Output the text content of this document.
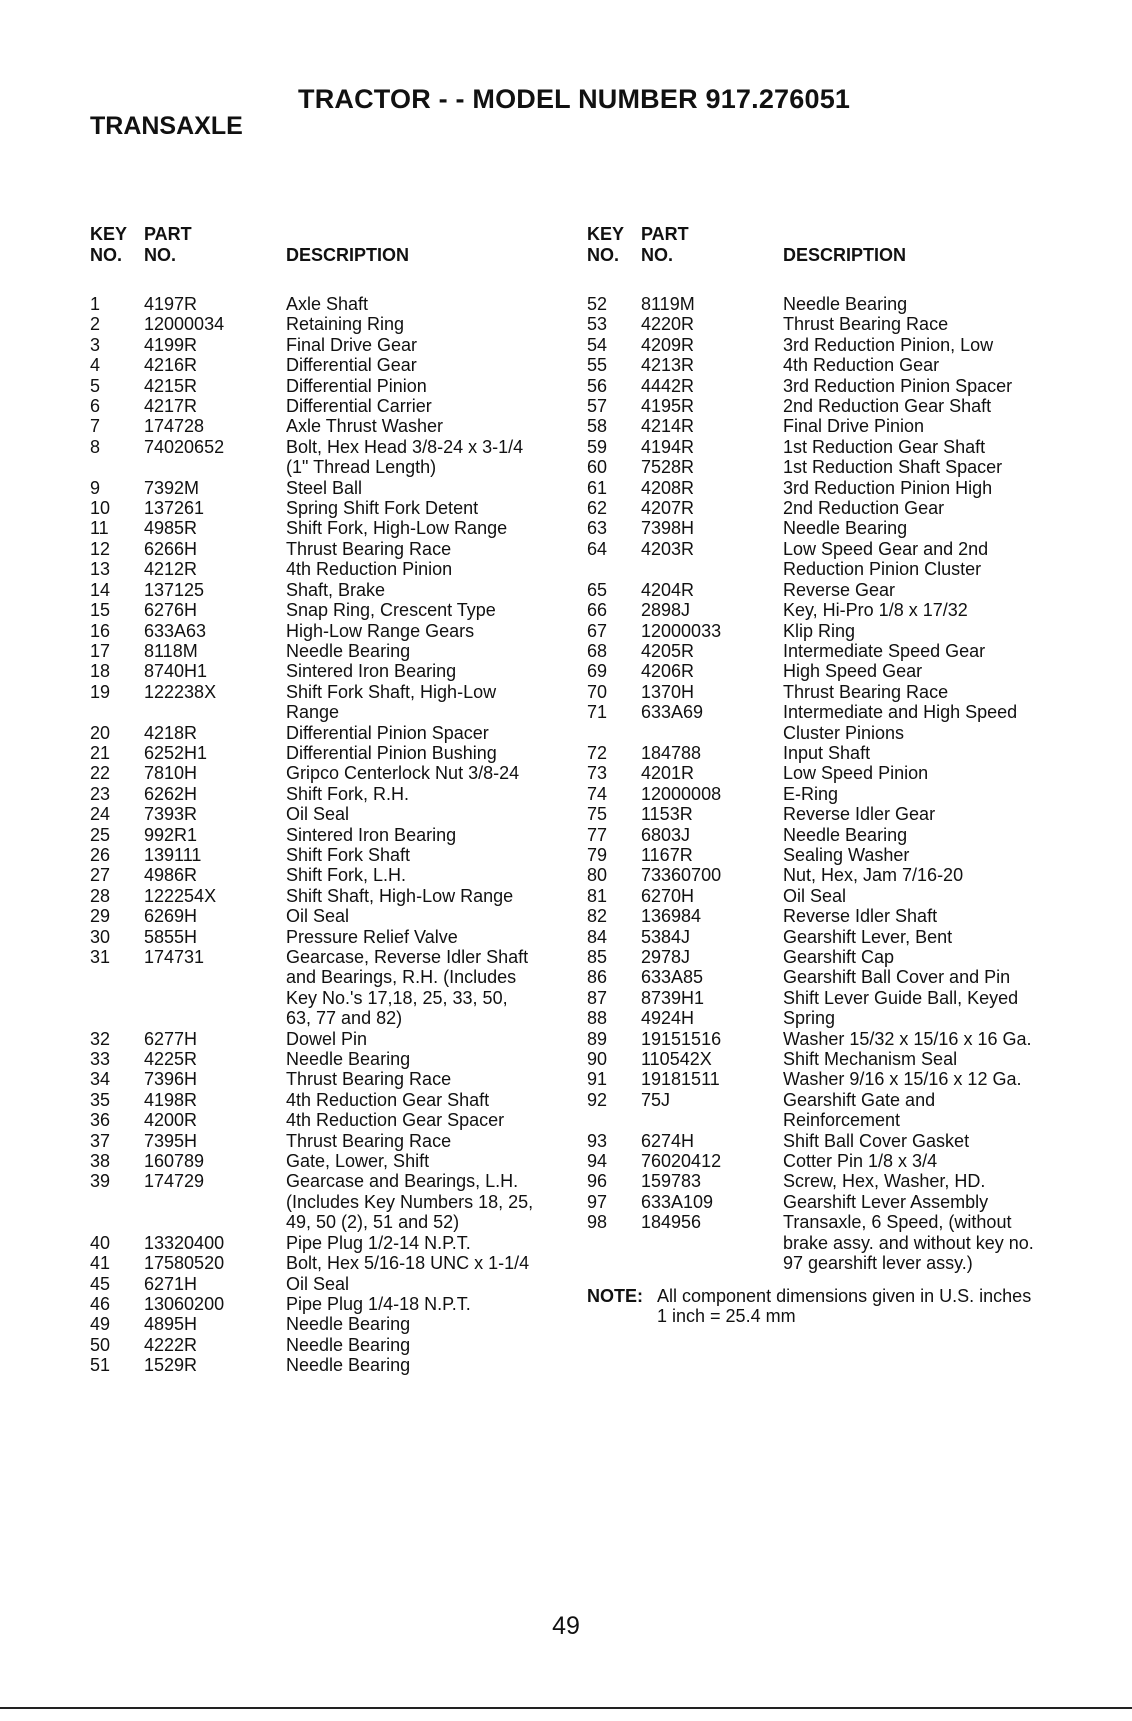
TRACTOR - - MODEL NUMBER 917.276051
TRANSAXLE
KEY
NO.
PART
NO.	DESCRIPTION
1 4197R	Axle Shaft
2 12000034	Retaining Ring
3 4199R	Final Drive Gear
4 4216R	Differential Gear
5 4215R	Differential Pinion
6 4217R	Differential Carrier
7 174728	Axle Thrust Washer
8 74020652	Bolt, Hex Head 3/8-24 x 3-1/4
(1" Thread Length)
9 7392M	Steel Ball
10 137261	Spring Shift Fork Detent
11 4985R	Shift Fork, High-Low Range
12 6266H	Thrust Bearing Race
13 4212R	4th Reduction Pinion
14 137125	Shaft, Brake
15 6276H	Snap Ring, Crescent Type
16 633A63	High-Low Range Gears
17 8118M	Needle Bearing
18 8740H1	Sintered Iron Bearing
19 122238X	Shift Fork Shaft, High-Low
Range
20 4218R	Differential Pinion Spacer
21 6252H1	Differential Pinion Bushing
22 7810H	Gripco Centerlock Nut 3/8-24
23 6262H	Shift Fork, R.H.
24 7393R	Oil Seal
25 992R1	Sintered Iron Bearing
26 139111	Shift Fork Shaft
27 4986R	Shift Fork, L.H.
28 122254X	Shift Shaft, High-Low Range
29 6269H	Oil Seal
30 5855H	Pressure Relief Valve
31 174731	Gearcase, Reverse Idler Shaft
and Bearings, R.H. (Includes
Key No.'s 17,18, 25, 33, 50,
63, 77 and 82)
32 6277H	Dowel Pin
33 4225R	Needle Bearing
34 7396H	Thrust Bearing Race
35 4198R	4th Reduction Gear Shaft
36 4200R	4th Reduction Gear Spacer
37 7395H	Thrust Bearing Race
38 160789	Gate, Lower, Shift
39 174729	Gearcase and Bearings, L.H.
(Includes Key Numbers 18, 25,
49, 50 (2), 51 and 52)
40 13320400	Pipe Plug 1/2-14 N.P.T.
41 17580520	Bolt, Hex 5/16-18 UNC x 1-1/4
45 6271H	Oil Seal
46 13060200	Pipe Plug 1/4-18 N.P.T.
49 4895H	Needle Bearing
50 4222R	Needle Bearing
51 1529R	Needle Bearing
KEY
NO.
PART
NO.	DESCRIPTION
52 8119M	Needle Bearing
53 4220R	Thrust Bearing Race
54 4209R	3rd Reduction Pinion, Low
55 4213R	4th Reduction Gear
56 4442R	3rd Reduction Pinion Spacer
57 4195R	2nd Reduction Gear Shaft
58 4214R	Final Drive Pinion
59 4194R	1st Reduction Gear Shaft
60 7528R	1st Reduction Shaft Spacer
61 4208R	3rd Reduction Pinion High
62 4207R	2nd Reduction Gear
63 7398H	Needle Bearing
64 4203R	Low Speed Gear and 2nd
Reduction Pinion Cluster
65 4204R	Reverse Gear
66 2898J	Key, Hi-Pro 1/8 x 17/32
67 12000033	Klip Ring
68 4205R	Intermediate Speed Gear
69 4206R	High Speed Gear
70 1370H	Thrust Bearing Race
71 633A69	Intermediate and High Speed
Cluster Pinions
72 184788	Input Shaft
73 4201R	Low Speed Pinion
74 12000008	E-Ring
75 1153R	Reverse Idler Gear
77 6803J	Needle Bearing
79 1167R	Sealing Washer
80 73360700	Nut, Hex, Jam 7/16-20
81 6270H	Oil Seal
82 136984	Reverse Idler Shaft
84 5384J	Gearshift Lever, Bent
85 2978J	Gearshift Cap
86 633A85	Gearshift Ball Cover and Pin
87 8739H1	Shift Lever Guide Ball, Keyed
88 4924H	Spring
89 19151516	Washer 15/32 x 15/16 x 16 Ga.
90 110542X	Shift Mechanism Seal
91 19181511	Washer 9/16 x 15/16 x 12 Ga.
92 75J	Gearshift Gate and
Reinforcement
93 6274H	Shift Ball Cover Gasket
94 76020412	Cotter Pin 1/8 x 3/4
96 159783	Screw, Hex, Washer, HD.
97 633A109	Gearshift Lever Assembly
98 184956	Transaxle, 6 Speed, (without
brake assy. and without key no.
97 gearshift lever assy.)
NOTE: All component dimensions given in U.S. inches
1 inch = 25.4 mm
49
